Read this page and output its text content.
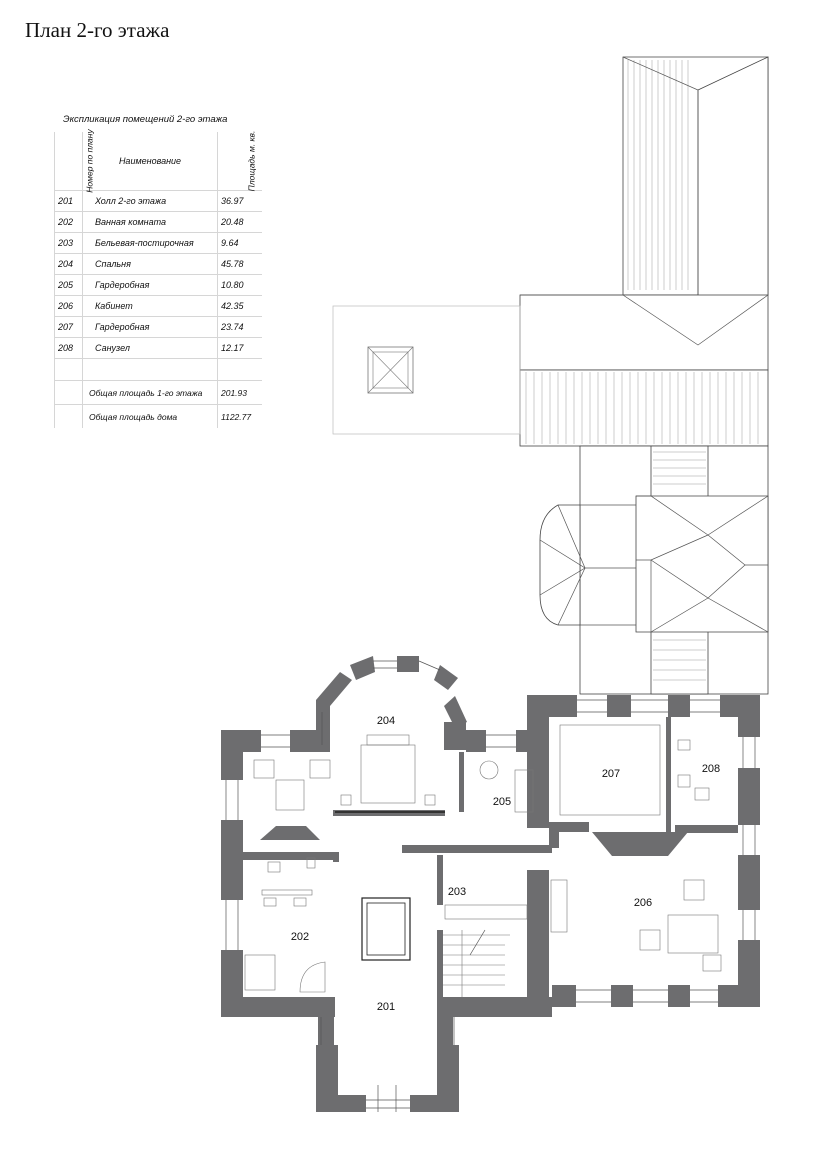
План 2-го этажа
Экспликация помещений 2-го этажа
Номер по плану	Наименование	Площадь м. кв.
201	Холл 2-го этажа	36.97
202	Ванная комната	20.48
203	Бельевая-постирочная	9.64
204	Спальня	45.78
205	Гардеробная	10.80
206	Кабинет	42.35
207	Гардеробная	23.74
208	Санузел	12.17

	Общая площадь 1-го этажа	201.93
	Общая площадь дома	1122.77
201
202
203
204
205
206
207	208
